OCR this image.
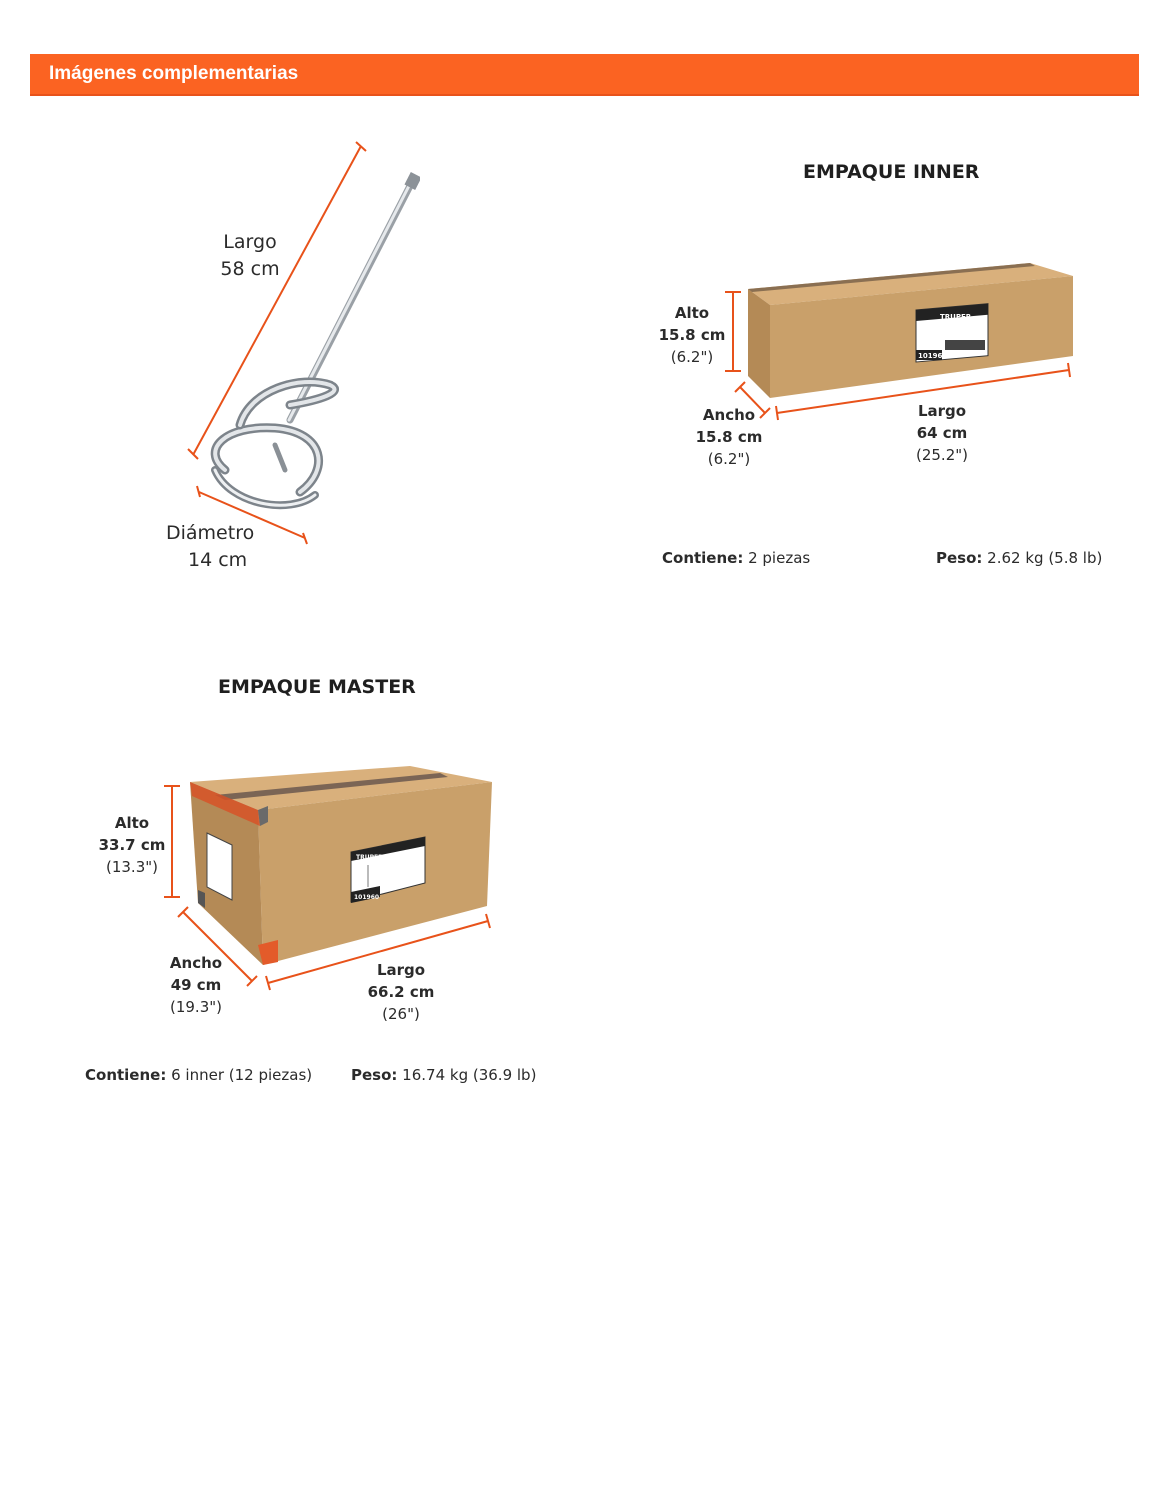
Imágenes complementarias
Largo
58 cm
Diámetro
14 cm
EMPAQUE INNER
TRUPER
101960
Alto
15.8 cm
(6.2")
Ancho
15.8 cm
(6.2")
Largo
64 cm
(25.2")
Contiene: 2 piezas	Peso: 2.62 kg (5.8 lb)
EMPAQUE MASTER
TRUPER
101960
Alto
33.7 cm
(13.3")
Ancho
49 cm
(19.3")
Largo
66.2 cm
(26")
Contiene: 6 inner (12 piezas)	Peso: 16.74 kg (36.9 lb)
